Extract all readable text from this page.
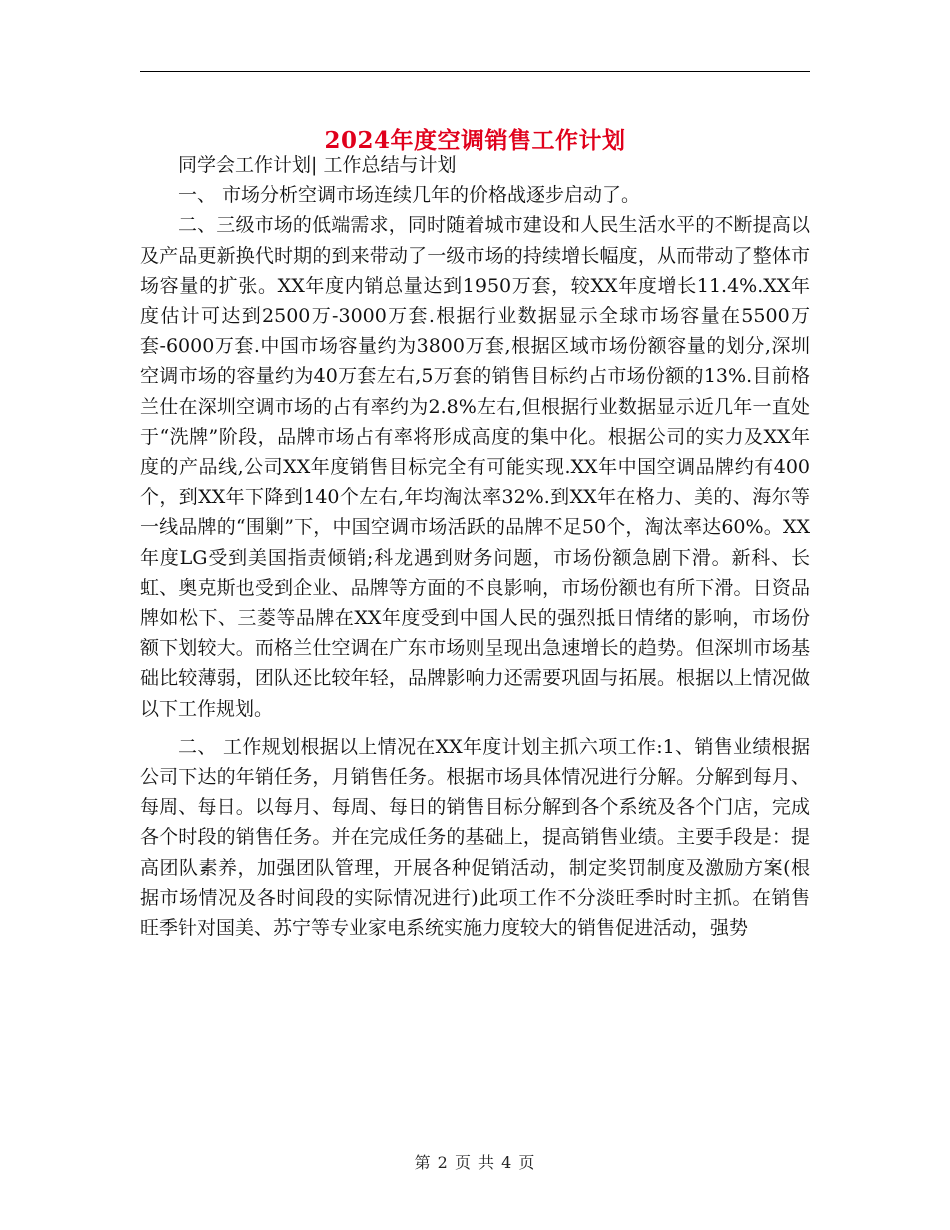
2024年度空调销售工作计划

同学会工作计划| 工作总结与计划

一、 市场分析空调市场连续几年的价格战逐步启动了。

二、三级市场的低端需求，同时随着城市建设和人民生活水平的不断提高以及产品更新换代时期的到来带动了一级市场的持续增长幅度，从而带动了整体市场容量的扩张。XX年度内销总量达到1950万套，较XX年度增长11.4%.XX年度估计可达到2500万-3000万套.根据行业数据显示全球市场容量在5500万套-6000万套.中国市场容量约为3800万套,根据区域市场份额容量的划分,深圳空调市场的容量约为40万套左右,5万套的销售目标约占市场份额的13%.目前格兰仕在深圳空调市场的占有率约为2.8%左右,但根据行业数据显示近几年一直处于“洗牌”阶段，品牌市场占有率将形成高度的集中化。根据公司的实力及XX年度的产品线,公司XX年度销售目标完全有可能实现.XX年中国空调品牌约有400个，到XX年下降到140个左右,年均淘汰率32%.到XX年在格力、美的、海尔等一线品牌的“围剿”下，中国空调市场活跃的品牌不足50个，淘汰率达60%。XX年度LG受到美国指责倾销;科龙遇到财务问题，市场份额急剧下滑。新科、长虹、奥克斯也受到企业、品牌等方面的不良影响，市场份额也有所下滑。日资品牌如松下、三菱等品牌在XX年度受到中国人民的强烈抵日情绪的影响，市场份额下划较大。而格兰仕空调在广东市场则呈现出急速增长的趋势。但深圳市场基础比较薄弱，团队还比较年轻，品牌影响力还需要巩固与拓展。根据以上情况做以下工作规划。

二、 工作规划根据以上情况在XX年度计划主抓六项工作:1、销售业绩根据公司下达的年销任务，月销售任务。根据市场具体情况进行分解。分解到每月、每周、每日。以每月、每周、每日的销售目标分解到各个系统及各个门店，完成各个时段的销售任务。并在完成任务的基础上，提高销售业绩。主要手段是：提高团队素养，加强团队管理，开展各种促销活动，制定奖罚制度及激励方案(根据市场情况及各时间段的实际情况进行)此项工作不分淡旺季时时主抓。在销售旺季针对国美、苏宁等专业家电系统实施力度较大的销售促进活动，强势

第 2 页 共 4 页
